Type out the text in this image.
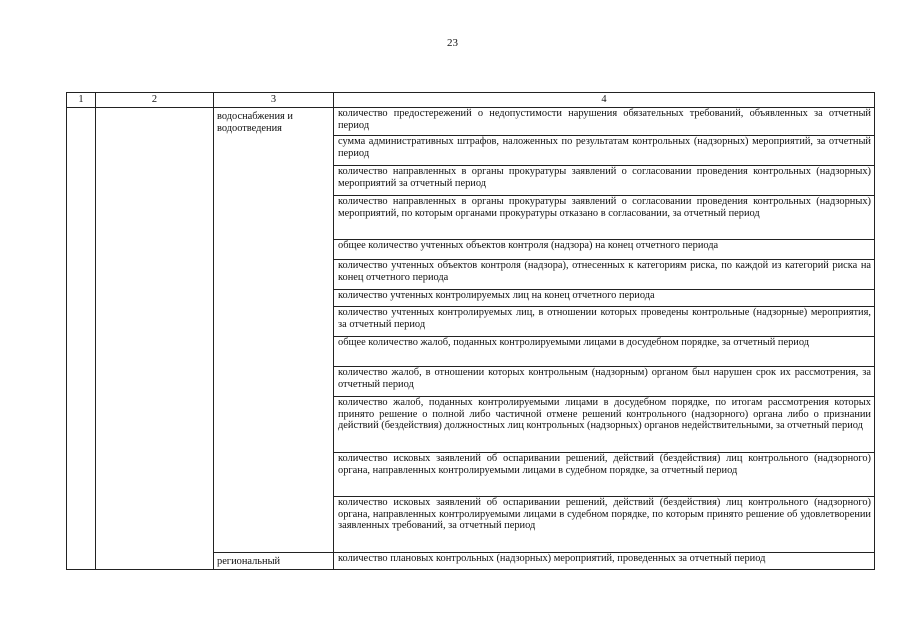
23
1	2	3	4
		водоснабжения и водоотведения	количество предостережений о недопустимости нарушения обязательных требований, объявленных за отчетный период
			сумма административных штрафов, наложенных по результатам контрольных (надзорных) мероприятий, за отчетный период
			количество направленных в органы прокуратуры заявлений о согласовании проведения контрольных (надзорных) мероприятий за отчетный период
			количество направленных в органы прокуратуры заявлений о согласовании проведения контрольных (надзорных) мероприятий, по которым органами прокуратуры отказано в согласовании, за отчетный период
			общее количество учтенных объектов контроля (надзора) на конец отчетного периода
			количество учтенных объектов контроля (надзора), отнесенных к категориям риска, по каждой из категорий риска на конец отчетного периода
			количество учтенных контролируемых лиц на конец отчетного периода
			количество учтенных контролируемых лиц, в отношении которых проведены контрольные (надзорные) мероприятия, за отчетный период
			общее количество жалоб, поданных контролируемыми лицами в досудебном порядке, за отчетный период
			количество жалоб, в отношении которых контрольным (надзорным) органом был нарушен срок их рассмотрения, за отчетный период
			количество жалоб, поданных контролируемыми лицами в досудебном порядке, по итогам рассмотрения которых принято решение о полной либо частичной отмене решений контрольного (надзорного) органа либо о признании действий (бездействия) должностных лиц контрольных (надзорных) органов недействительными, за отчетный период
			количество исковых заявлений об оспаривании решений, действий (бездействия) лиц контрольного (надзорного) органа, направленных контролируемыми лицами в судебном порядке, за отчетный период
			количество исковых заявлений об оспаривании решений, действий (бездействия) лиц контрольного (надзорного) органа, направленных контролируемыми лицами в судебном порядке, по которым принято решение об удовлетворении заявленных требований, за отчетный период
		региональный	количество плановых контрольных (надзорных) мероприятий, проведенных за отчетный период
